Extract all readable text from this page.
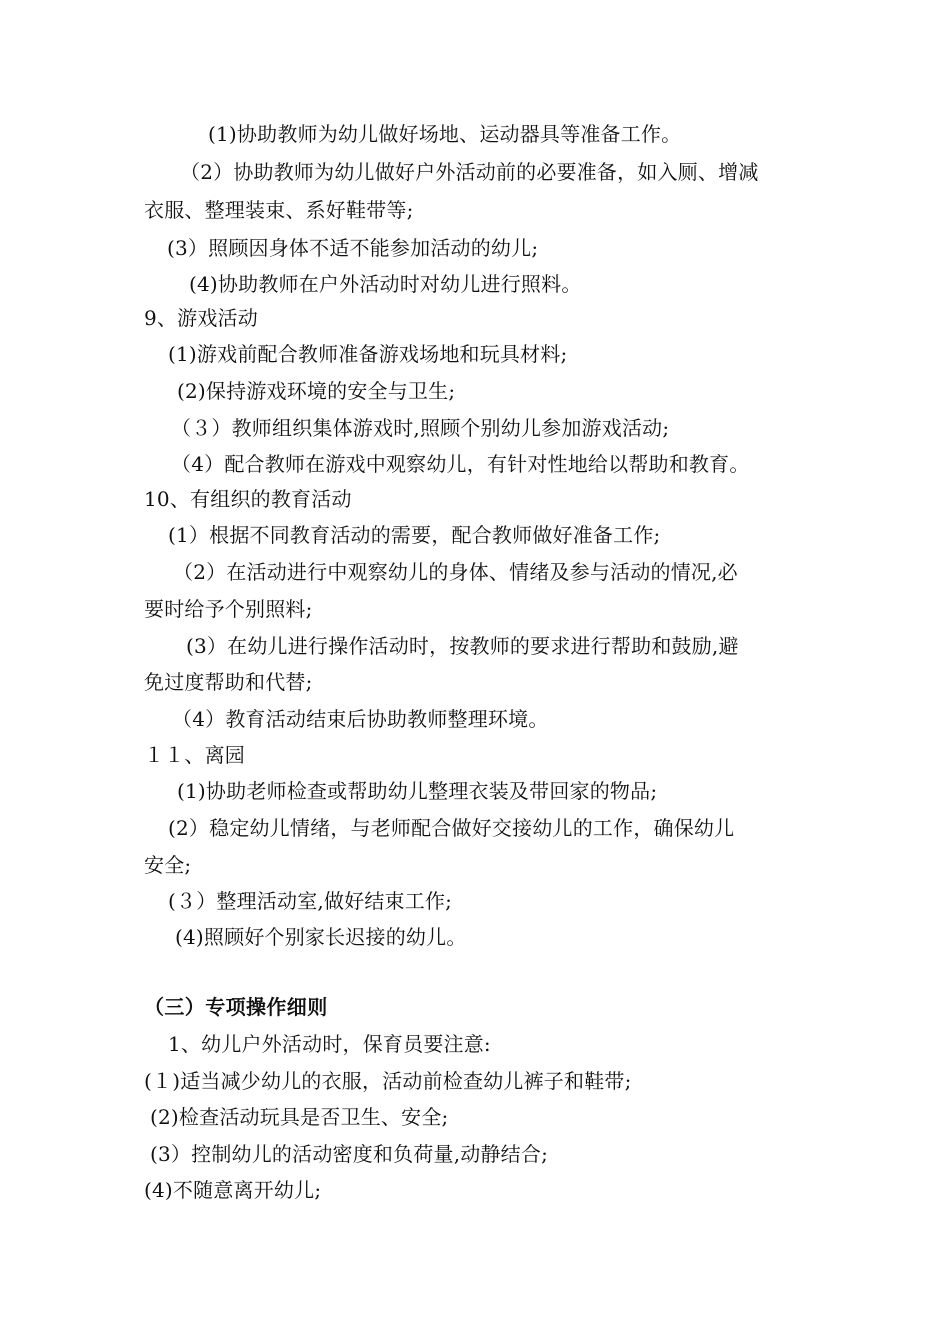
(1)协助教师为幼儿做好场地、运动器具等准备工作。
（2）协助教师为幼儿做好户外活动前的必要准备，如入厕、增减
衣服、整理装束、系好鞋带等;
(3）照顾因身体不适不能参加活动的幼儿;
(4)协助教师在户外活动时对幼儿进行照料。
9、游戏活动
(1)游戏前配合教师准备游戏场地和玩具材料;
(2)保持游戏环境的安全与卫生;
（３）教师组织集体游戏时,照顾个别幼儿参加游戏活动;
（4）配合教师在游戏中观察幼儿，有针对性地给以帮助和教育。
10、有组织的教育活动
(1）根据不同教育活动的需要，配合教师做好准备工作;
（2）在活动进行中观察幼儿的身体、情绪及参与活动的情况,必
要时给予个别照料;
(3）在幼儿进行操作活动时，按教师的要求进行帮助和鼓励,避
免过度帮助和代替;
（4）教育活动结束后协助教师整理环境。
１１、离园
(1)协助老师检查或帮助幼儿整理衣装及带回家的物品;
(2）稳定幼儿情绪，与老师配合做好交接幼儿的工作，确保幼儿
安全;
(３）整理活动室,做好结束工作;
(4)照顾好个别家长迟接的幼儿。
（三）专项操作细则
1、幼儿户外活动时，保育员要注意:
(１)适当减少幼儿的衣服，活动前检查幼儿裤子和鞋带;
(2)检查活动玩具是否卫生、安全;
(3）控制幼儿的活动密度和负荷量,动静结合;
(4)不随意离开幼儿;
